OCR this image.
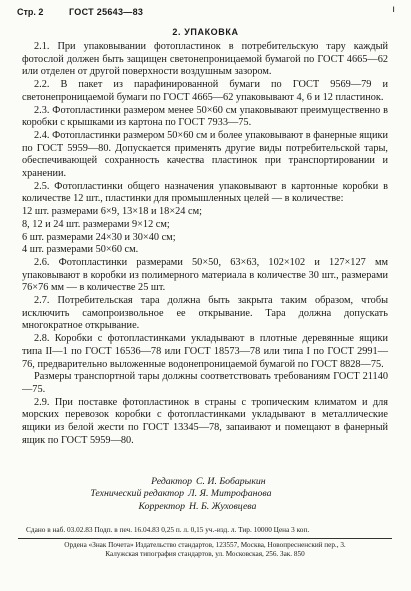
Стр. 2	ГОСТ 25643—83	ı
2. УПАКОВКА

2.1. При упаковывании фотопластинок в потребительскую тару каждый фотослой должен быть защищен светонепроницаемой бумагой по ГОСТ 4665—62 или отделен от другой поверхности воздушным зазором.

2.2. В пакет из парафинированной бумаги по ГОСТ 9569—79 и светонепроницаемой бумаги по ГОСТ 4665—62 упаковывают 4, 6 и 12 пластинок.

2.3. Фотопластинки размером менее 50×60 см упаковывают преимущественно в коробки с крышками из картона по ГОСТ 7933—75.

2.4. Фотопластинки размером 50×60 см и более упаковывают в фанерные ящики по ГОСТ 5959—80. Допускается применять другие виды потребительской тары, обеспечивающей сохранность качества пластинок при транспортировании и хранении.

2.5. Фотопластинки общего назначения упаковывают в картонные коробки в количестве 12 шт., пластинки для промышленных целей — в количестве:

12 шт. размерами 6×9, 13×18 и 18×24 см;

8, 12 и 24 шт. размерами 9×12 см;

6 шт. размерами 24×30 и 30×40 см;

4 шт. размерами 50×60 см.

2.6. Фотопластинки размерами 50×50, 63×63, 102×102 и 127×127 мм упаковывают в коробки из полимерного материала в количестве 30 шт., размерами 76×76 мм — в количестве 25 шт.

2.7. Потребительская тара должна быть закрыта таким образом, чтобы исключить самопроизвольное ее открывание. Тара должна допускать многократное открывание.

2.8. Коробки с фотопластинками укладывают в плотные деревянные ящики типа II—1 по ГОСТ 16536—78 или ГОСТ 18573—78 или типа I по ГОСТ 2991—76, предварительно выложенные водонепроницаемой бумагой по ГОСТ 8828—75.

Размеры транспортной тары должны соответствовать требованиям ГОСТ 21140—75.

2.9. При поставке фотопластинок в страны с тропическим климатом и для морских перевозок коробки с фотопластинками укладывают в металлические ящики из белой жести по ГОСТ 13345—78, запаивают и помещают в фанерный ящик по ГОСТ 5959—80.

Редактор С. И. Бобарыкин
Технический редактор Л. Я. Митрофанова
Корректор Н. Б. Жуховцева
Сдано в наб. 03.02.83 Подп. в печ. 16.04.83 0,25 п. л. 0,15 уч.-изд. л. Тир. 10000 Цена 3 коп.
Ордена «Знак Почета» Издательство стандартов, 123557, Москва, Новопресненский пер., 3.
Калужская типография стандартов, ул. Московская, 256. Зак. 850
